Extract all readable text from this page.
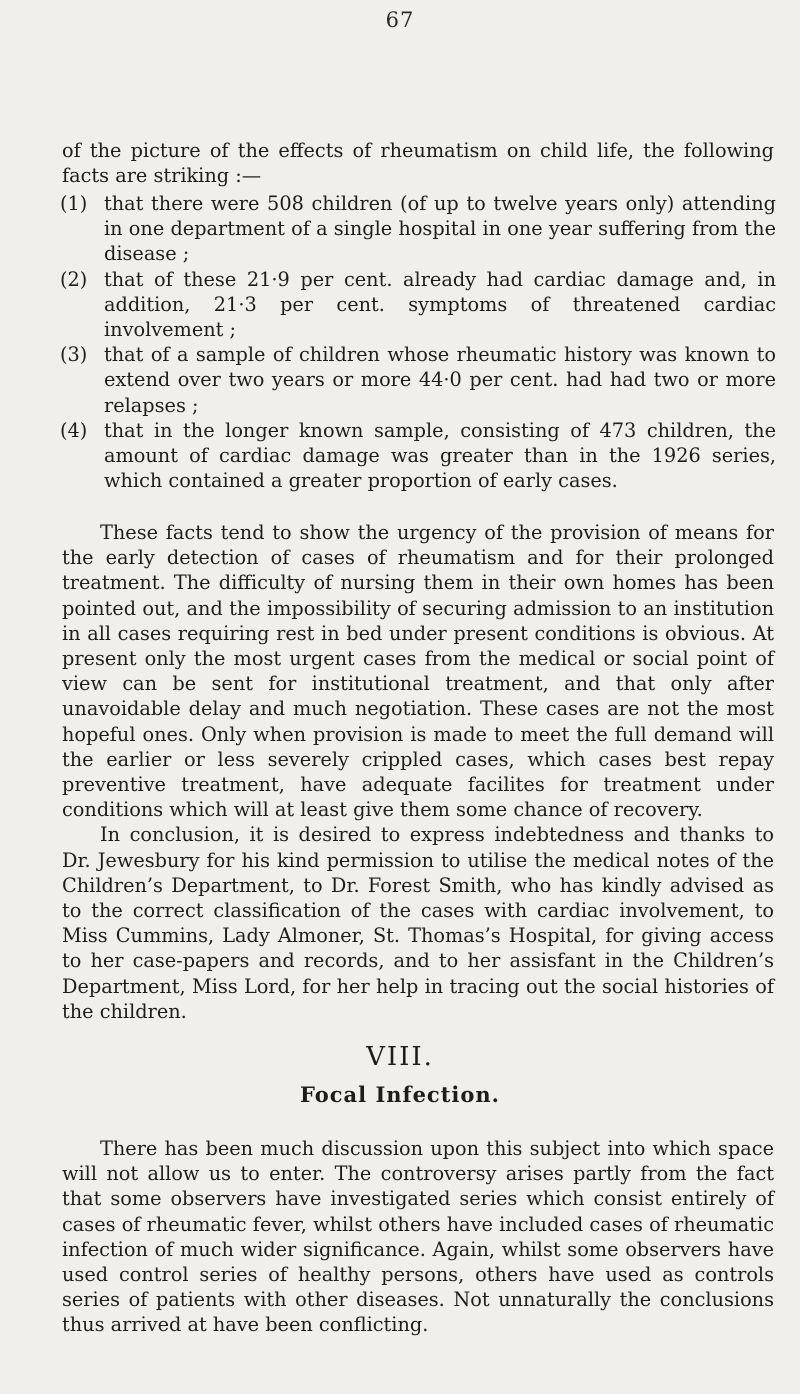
67
of the picture of the effects of rheumatism on child life, the following facts are striking :—
(1) that there were 508 children (of up to twelve years only) attending in one department of a single hospital in one year suffering from the disease ;
(2) that of these 21·9 per cent. already had cardiac damage and, in addition, 21·3 per cent. symptoms of threatened cardiac involvement ;
(3) that of a sample of children whose rheumatic history was known to extend over two years or more 44·0 per cent. had had two or more relapses ;
(4) that in the longer known sample, consisting of 473 children, the amount of cardiac damage was greater than in the 1926 series, which contained a greater proportion of early cases.

These facts tend to show the urgency of the provision of means for the early detection of cases of rheumatism and for their prolonged treatment. The difficulty of nursing them in their own homes has been pointed out, and the impossibility of securing admission to an institution in all cases requiring rest in bed under present conditions is obvious. At present only the most urgent cases from the medical or social point of view can be sent for institutional treatment, and that only after unavoidable delay and much negotiation. These cases are not the most hopeful ones. Only when provision is made to meet the full demand will the earlier or less severely crippled cases, which cases best repay preventive treatment, have adequate facilites for treatment under conditions which will at least give them some chance of recovery.

In conclusion, it is desired to express indebtedness and thanks to Dr. Jewesbury for his kind permission to utilise the medical notes of the Children’s Department, to Dr. Forest Smith, who has kindly advised as to the correct classification of the cases with cardiac involvement, to Miss Cummins, Lady Almoner, St. Thomas’s Hospital, for giving access to her case-papers and records, and to her assisfant in the Children’s Department, Miss Lord, for her help in tracing out the social histories of the children.

VIII.
Focal Infection.

There has been much discussion upon this subject into which space will not allow us to enter. The controversy arises partly from the fact that some observers have investigated series which consist entirely of cases of rheumatic fever, whilst others have included cases of rheumatic infection of much wider significance. Again, whilst some observers have used control series of healthy persons, others have used as controls series of patients with other diseases. Not unnaturally the conclusions thus arrived at have been conflicting.
